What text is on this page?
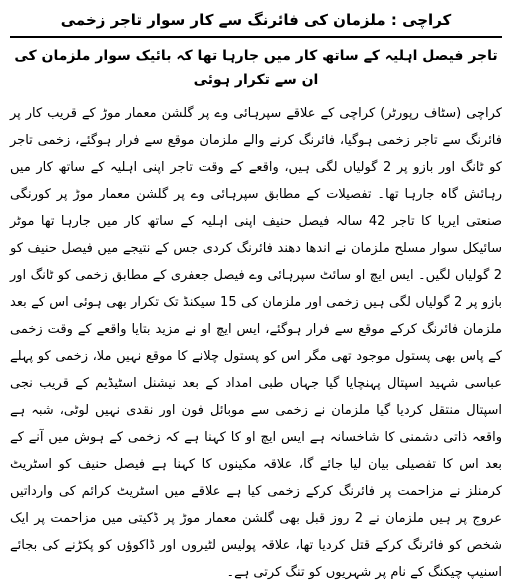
کراچی : ملزمان کی فائرنگ سے کار سوار تاجر زخمی
تاجر فیصل اہلیہ کے ساتھ کار میں جارہا تھا کہ بائیک سوار ملزمان کی ان سے تکرار ہوئی

کراچی (سٹاف رپورٹر) کراچی کے علاقے سپرہائی وے پر گلشن معمار موڑ کے قریب کار پر فائرنگ سے تاجر زخمی ہوگیا، فائرنگ کرنے والے ملزمان موقع سے فرار ہوگئے، زخمی تاجر کو ٹانگ اور بازو پر 2 گولیاں لگی ہیں، واقعے کے وقت تاجر اپنی اہلیہ کے ساتھ کار میں رہائش گاہ جارہا تھا۔ تفصیلات کے مطابق سپرہائی وے پر گلشن معمار موڑ پر کورنگی صنعتی ایریا کا تاجر 42 سالہ فیصل حنیف اپنی اہلیہ کے ساتھ کار میں جارہا تھا موٹر سائیکل سوار مسلح ملزمان نے اندھا دھند فائرنگ کردی جس کے نتیجے میں فیصل حنیف کو 2 گولیاں لگیں۔ ایس ایچ او سائٹ سپرہائی وے فیصل جعفری کے مطابق زخمی کو ٹانگ اور بازو پر 2 گولیاں لگی ہیں زخمی اور ملزمان کی 15 سیکنڈ تک تکرار بھی ہوئی اس کے بعد ملزمان فائرنگ کرکے موقع سے فرار ہوگئے، ایس ایچ او نے مزید بتایا واقعے کے وقت زخمی کے پاس بھی پستول موجود تھی مگر اس کو پستول چلانے کا موقع نہیں ملا، زخمی کو پہلے عباسی شہید اسپتال پہنچایا گیا جہاں طبی امداد کے بعد نیشنل اسٹیڈیم کے قریب نجی اسپتال منتقل کردیا گیا ملزمان نے زخمی سے موبائل فون اور نقدی نہیں لوٹی، شبہ ہے واقعہ ذاتی دشمنی کا شاخسانہ ہے ایس ایچ او کا کہنا ہے کہ زخمی کے ہوش میں آنے کے بعد اس کا تفصیلی بیان لیا جائے گا، علاقہ مکینوں کا کہنا ہے فیصل حنیف کو اسٹریٹ کرمنلز نے مزاحمت پر فائرنگ کرکے زخمی کیا ہے علاقے میں اسٹریٹ کرائم کی وارداتیں عروج پر ہیں ملزمان نے 2 روز قبل بھی گلشن معمار موڑ پر ڈکیتی میں مزاحمت پر ایک شخص کو فائرنگ کرکے قتل کردیا تھا، علاقہ پولیس لٹیروں اور ڈاکوؤں کو پکڑنے کی بجائے اسنیپ چیکنگ کے نام پر شہریوں کو تنگ کرتی ہے۔
